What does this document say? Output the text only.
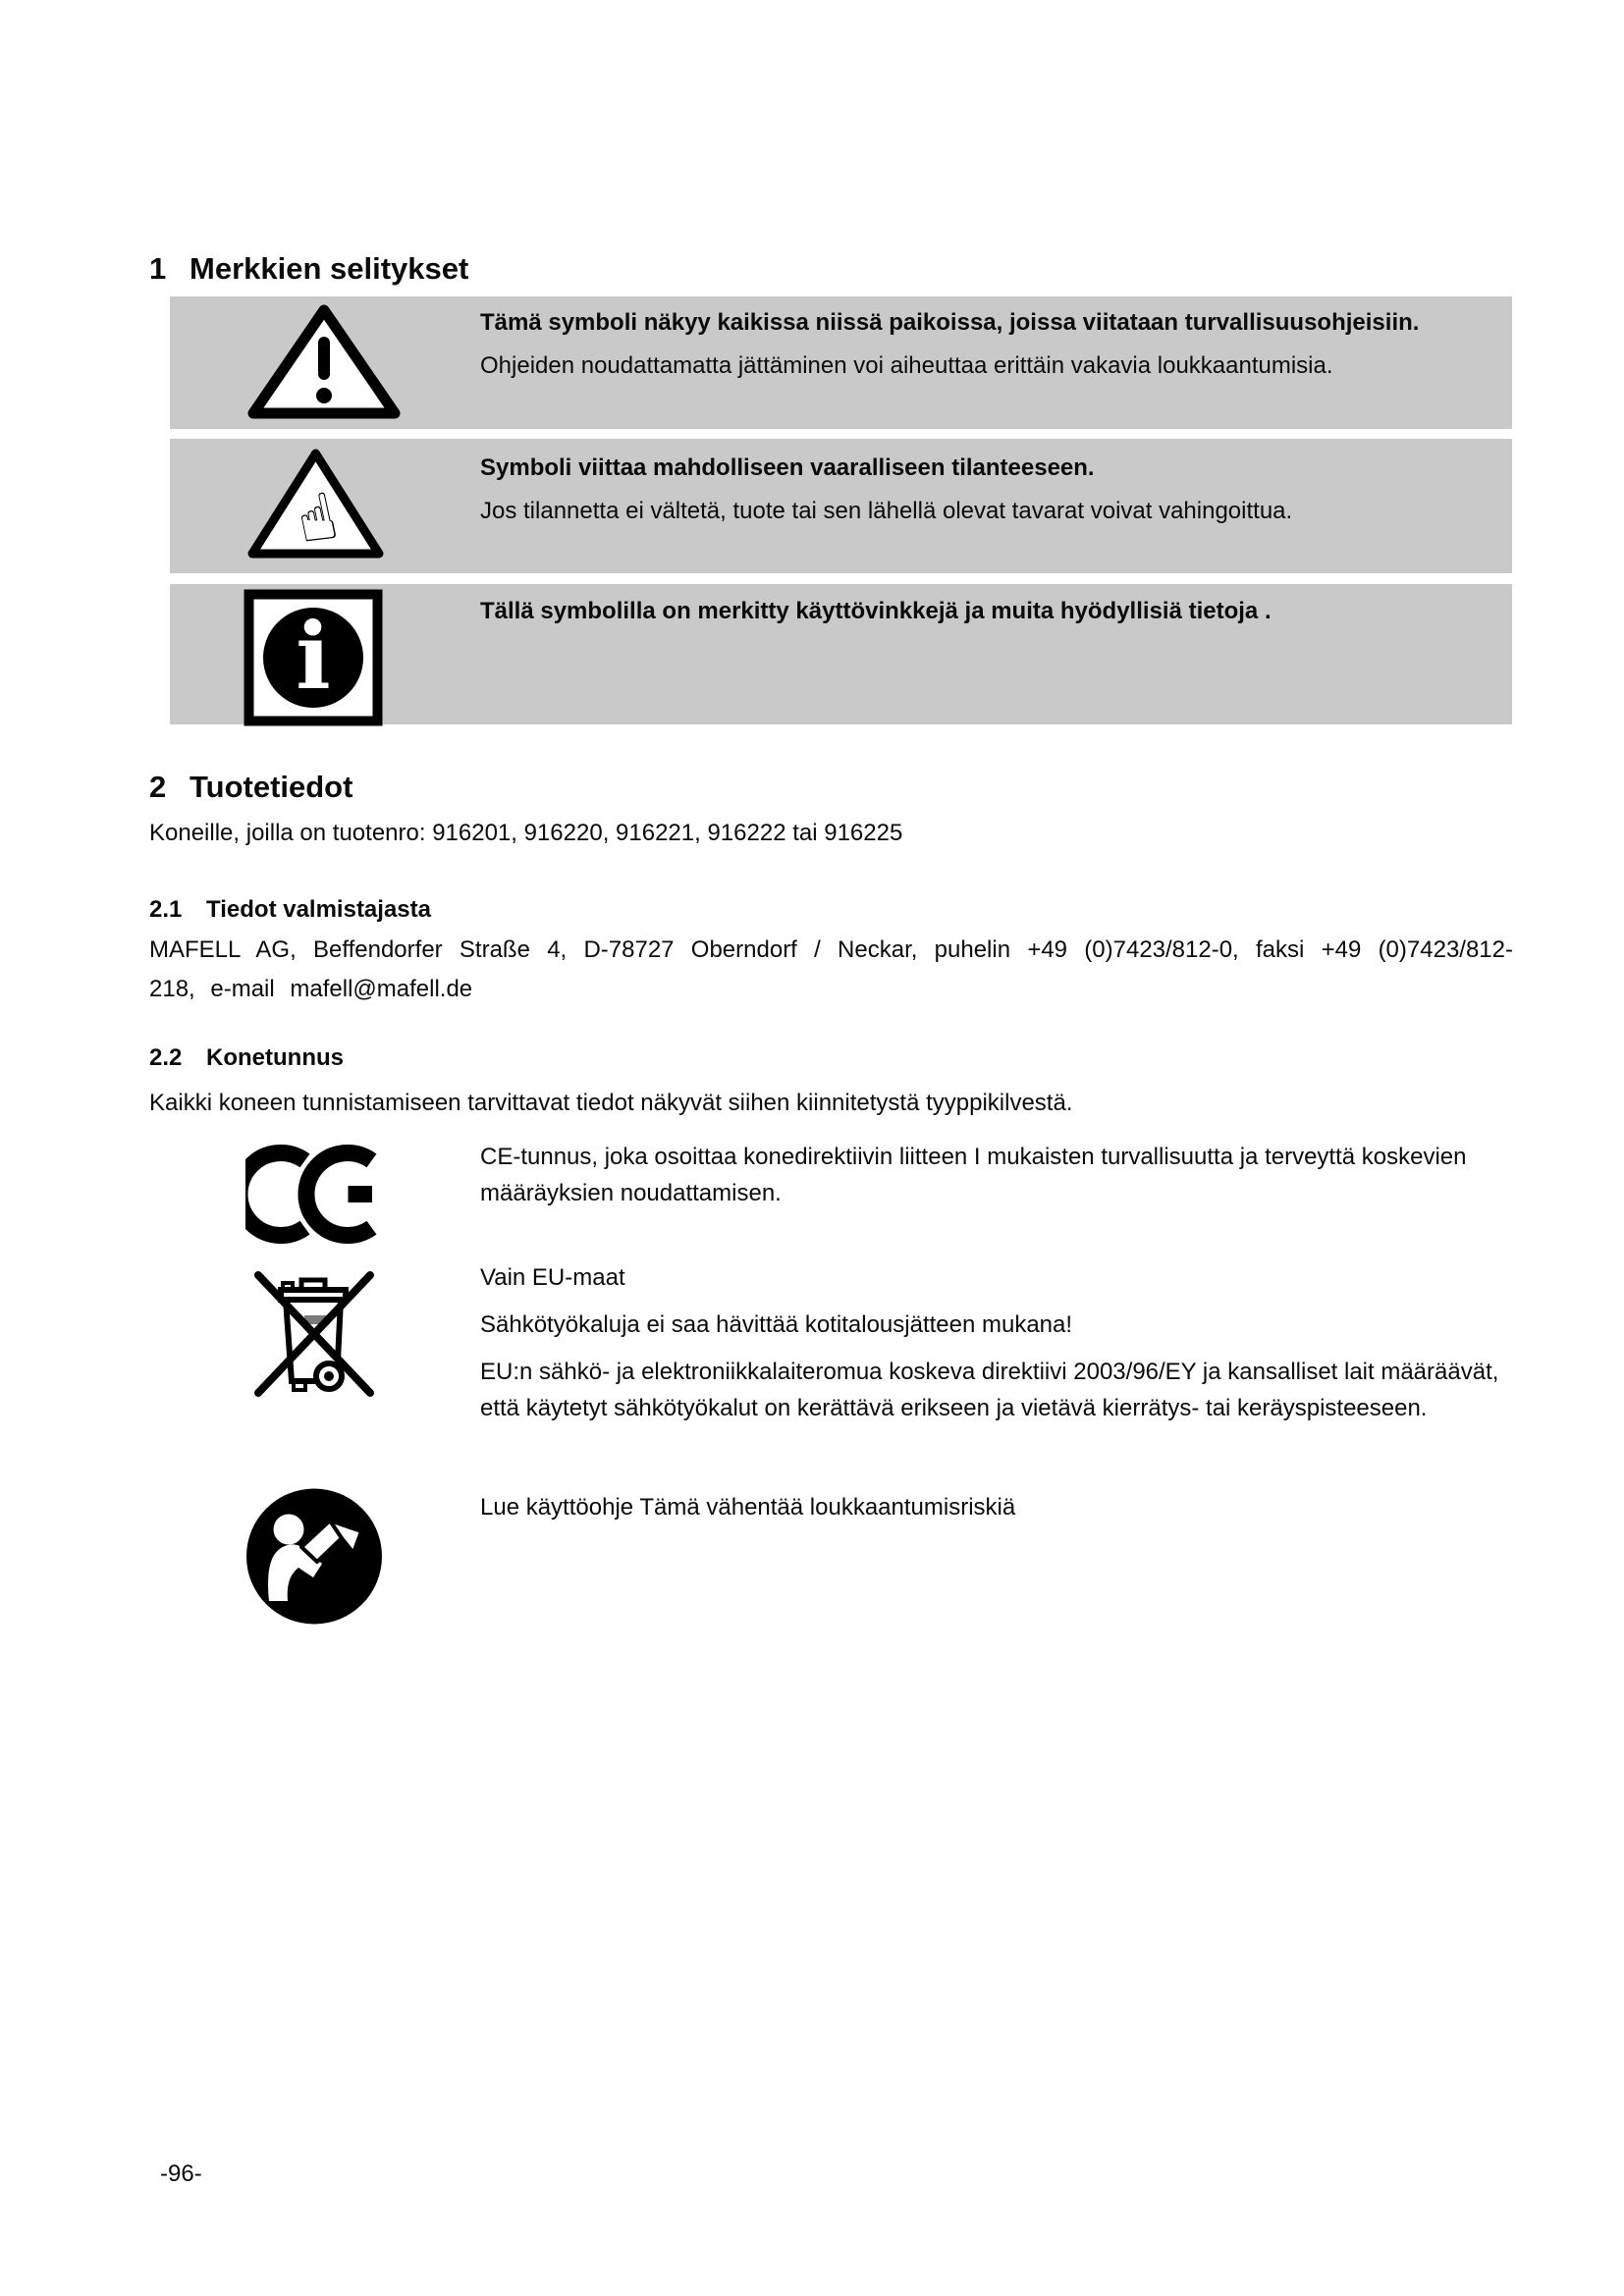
1 Merkkien selitykset

Tämä symboli näkyy kaikissa niissä paikoissa, joissa viitataan turvallisuusohjeisiin.

Ohjeiden noudattamatta jättäminen voi aiheuttaa erittäin vakavia loukkaantumisia.

☝

Symboli viittaa mahdolliseen vaaralliseen tilanteeseen.

Jos tilannetta ei vältetä, tuote tai sen lähellä olevat tavarat voivat vahingoittua.

i	Tällä symbolilla on merkitty käyttövinkkejä ja muita hyödyllisiä tietoja .

2 Tuotetiedot

Koneille, joilla on tuotenro: 916201, 916220, 916221, 916222 tai 916225

2.1 Tiedot valmistajasta

MAFELL AG, Beffendorfer Straße 4, D-78727 Oberndorf / Neckar, puhelin +49 (0)7423/812-0, faksi +49 (0)7423/812-218, e-mail mafell@mafell.de

2.2 Konetunnus

Kaikki koneen tunnistamiseen tarvittavat tiedot näkyvät siihen kiinnitetystä tyyppikilvestä.

CE-tunnus, joka osoittaa konedirektiivin liitteen I mukaisten turvallisuutta ja terveyttä koskevien määräyksien noudattamisen.

Vain EU-maat

Sähkötyökaluja ei saa hävittää kotitalousjätteen mukana!

EU:n sähkö- ja elektroniikkalaiteromua koskeva direktiivi 2003/96/EY ja kansalliset lait määräävät, että käytetyt sähkötyökalut on kerättävä erikseen ja vietävä kierrätys- tai keräyspisteeseen.

Lue käyttöohje Tämä vähentää loukkaantumisriskiä

-96-
